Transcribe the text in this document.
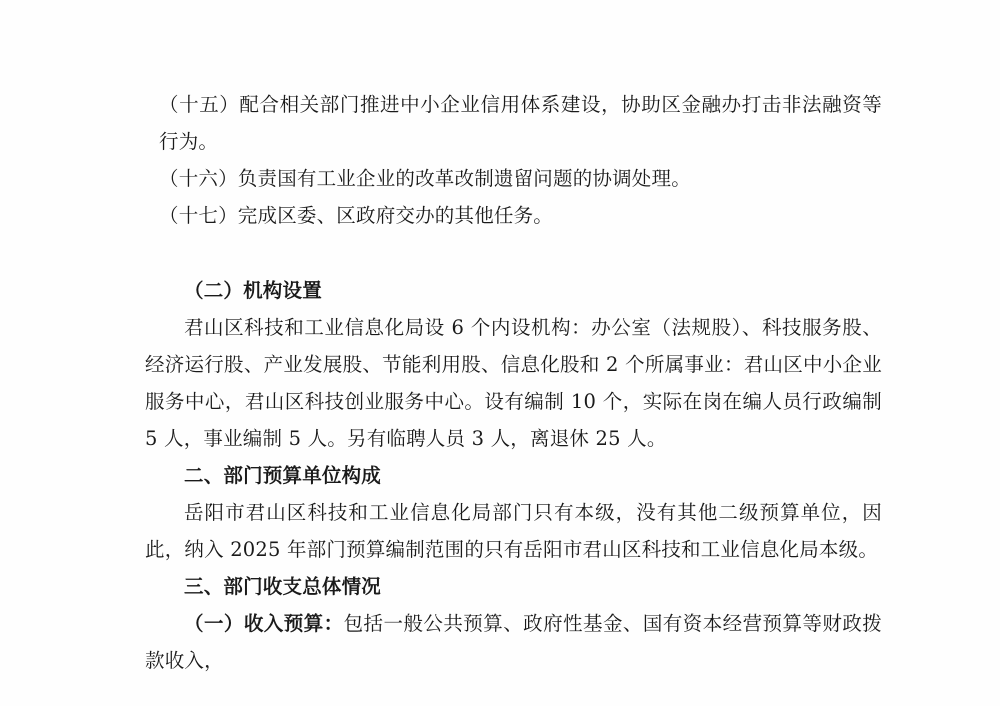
（十五）配合相关部门推进中小企业信用体系建设，协助区金融办打击非法融资等行为。

（十六）负责国有工业企业的改革改制遗留问题的协调处理。

（十七）完成区委、区政府交办的其他任务。

（二）机构设置

君山区科技和工业信息化局设 6 个内设机构：办公室（法规股）、科技服务股、经济运行股、产业发展股、节能利用股、信息化股和 2 个所属事业：君山区中小企业服务中心，君山区科技创业服务中心。设有编制 10 个，实际在岗在编人员行政编制 5 人，事业编制 5 人。另有临聘人员 3 人，离退休 25 人。

二、部门预算单位构成

岳阳市君山区科技和工业信息化局部门只有本级，没有其他二级预算单位，因此，纳入 2025 年部门预算编制范围的只有岳阳市君山区科技和工业信息化局本级。

三、部门收支总体情况

（一）收入预算：包括一般公共预算、政府性基金、国有资本经营预算等财政拨款收入，
